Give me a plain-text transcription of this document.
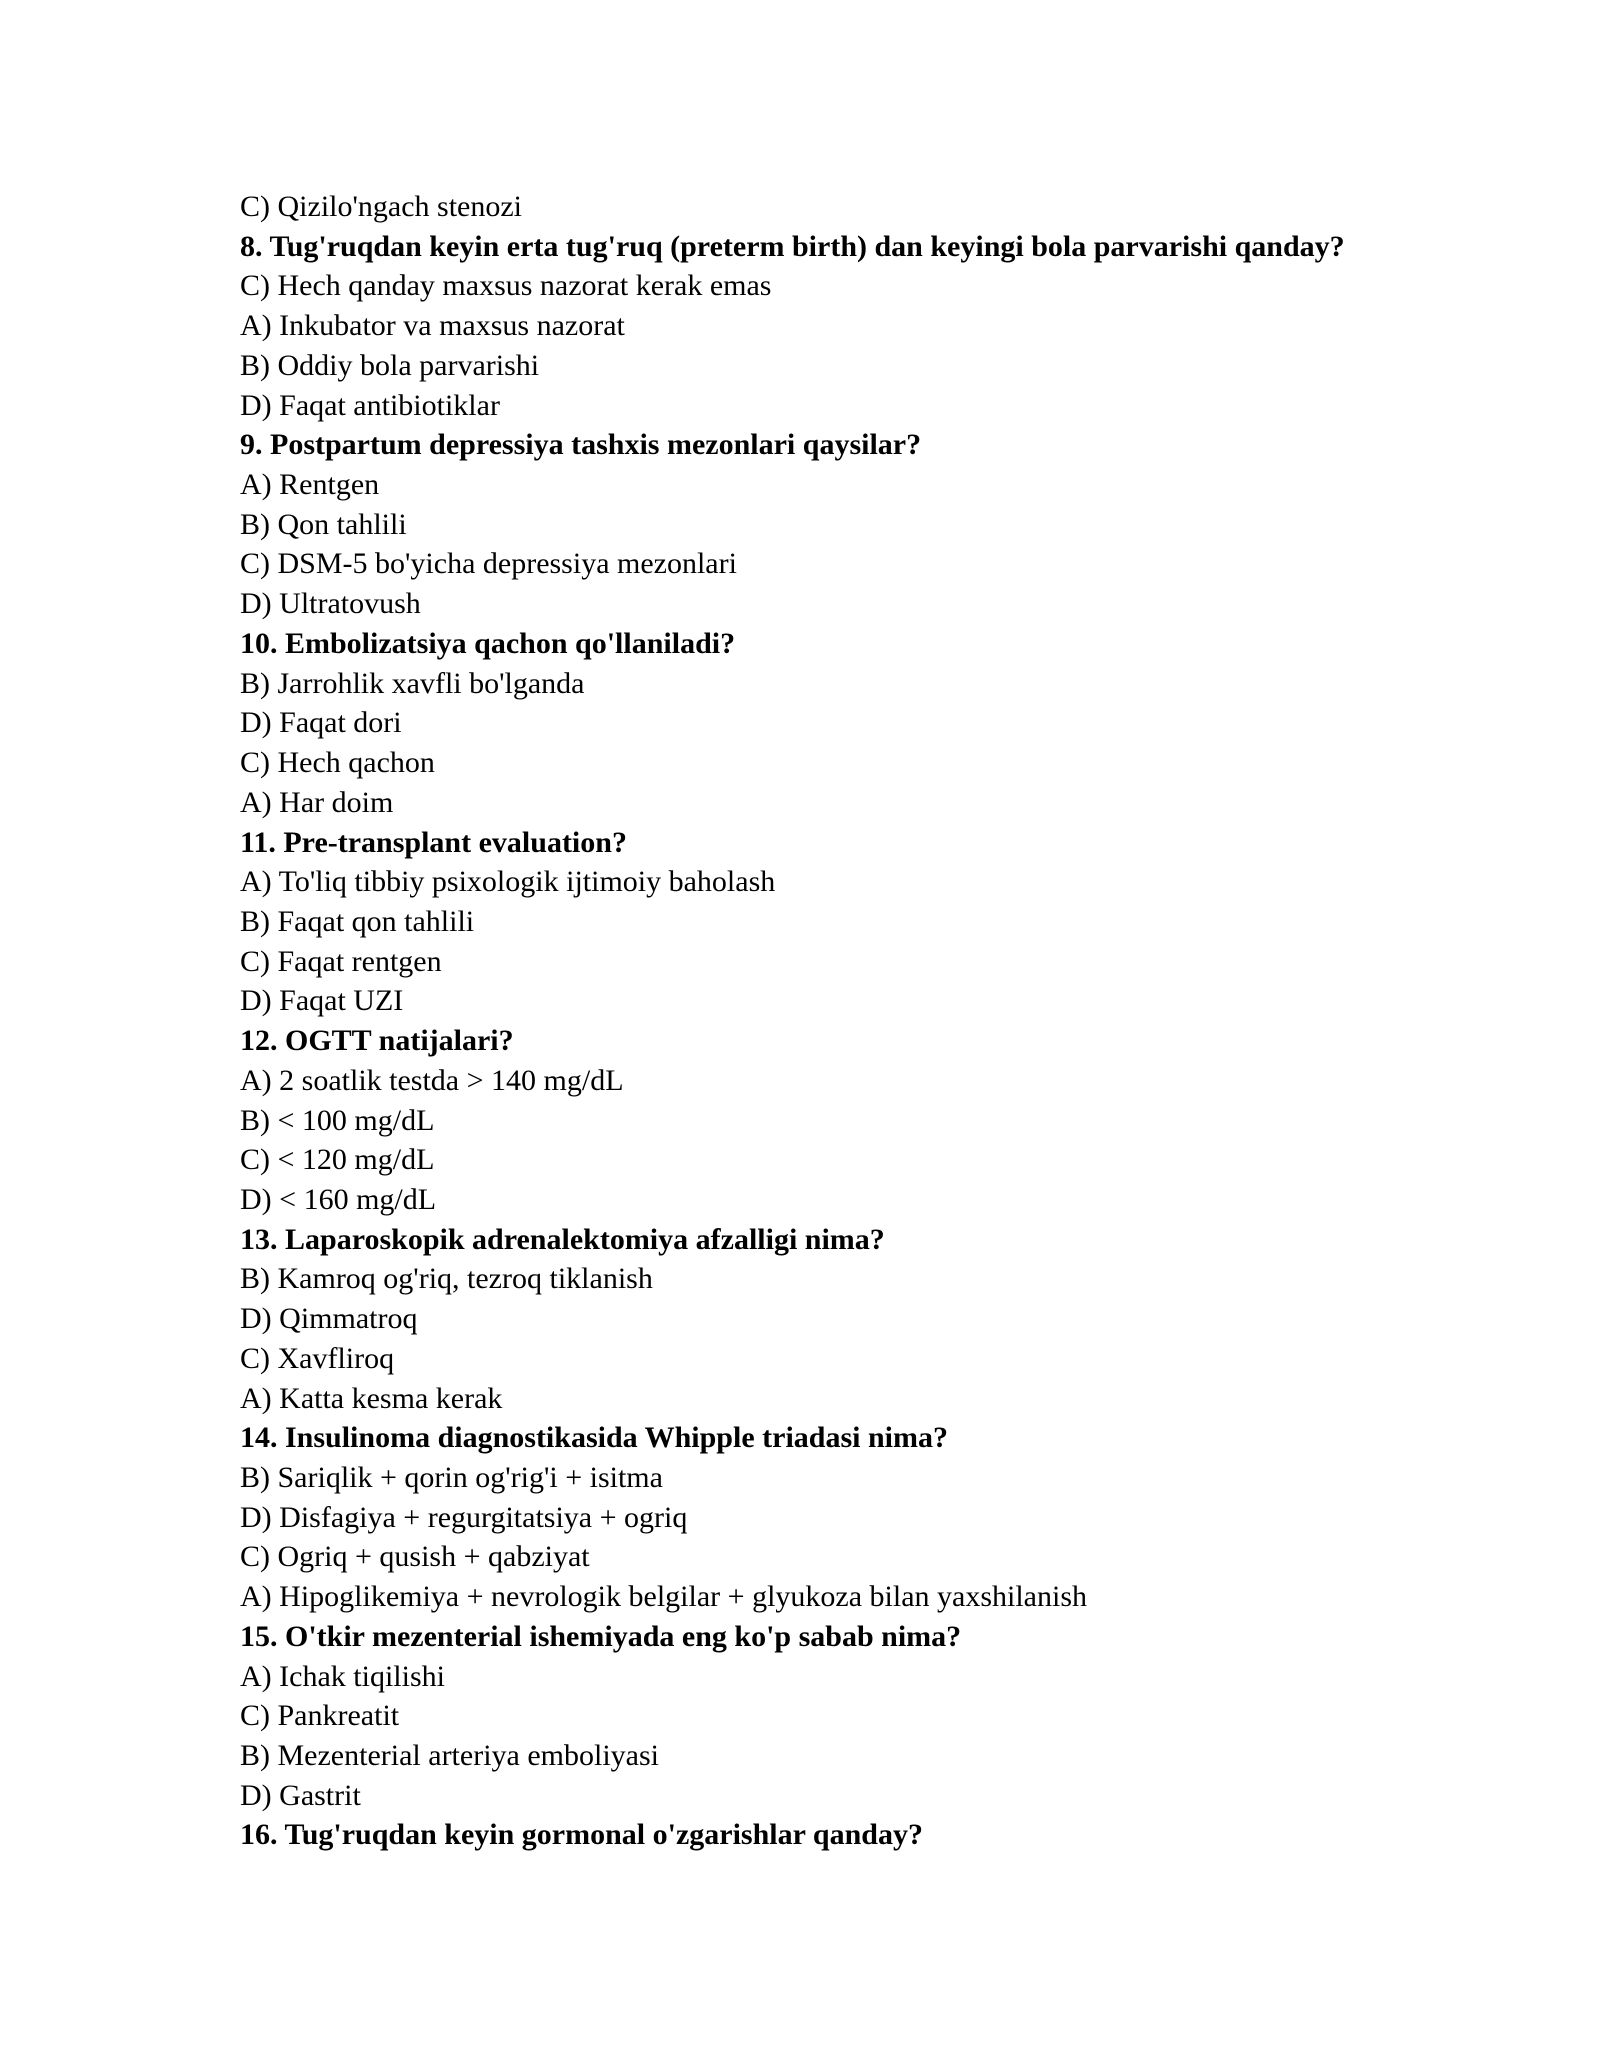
C) Qizilo'ngach stenozi
8. Tug'ruqdan keyin erta tug'ruq (preterm birth) dan keyingi bola parvarishi qanday?
C) Hech qanday maxsus nazorat kerak emas
A) Inkubator va maxsus nazorat
B) Oddiy bola parvarishi
D) Faqat antibiotiklar
9. Postpartum depressiya tashxis mezonlari qaysilar?
A) Rentgen
B) Qon tahlili
C) DSM-5 bo'yicha depressiya mezonlari
D) Ultratovush
10. Embolizatsiya qachon qo'llaniladi?
B) Jarrohlik xavfli bo'lganda
D) Faqat dori
C) Hech qachon
A) Har doim
11. Pre-transplant evaluation?
A) To'liq tibbiy psixologik ijtimoiy baholash
B) Faqat qon tahlili
C) Faqat rentgen
D) Faqat UZI
12. OGTT natijalari?
A) 2 soatlik testda > 140 mg/dL
B) < 100 mg/dL
C) < 120 mg/dL
D) < 160 mg/dL
13. Laparoskopik adrenalektomiya afzalligi nima?
B) Kamroq og'riq, tezroq tiklanish
D) Qimmatroq
C) Xavfliroq
A) Katta kesma kerak
14. Insulinoma diagnostikasida Whipple triadasi nima?
B) Sariqlik + qorin og'rig'i + isitma
D) Disfagiya + regurgitatsiya + ogriq
C) Ogriq + qusish + qabziyat
A) Hipoglikemiya + nevrologik belgilar + glyukoza bilan yaxshilanish
15. O'tkir mezenterial ishemiyada eng ko'p sabab nima?
A) Ichak tiqilishi
C) Pankreatit
B) Mezenterial arteriya emboliyasi
D) Gastrit
16. Tug'ruqdan keyin gormonal o'zgarishlar qanday?
